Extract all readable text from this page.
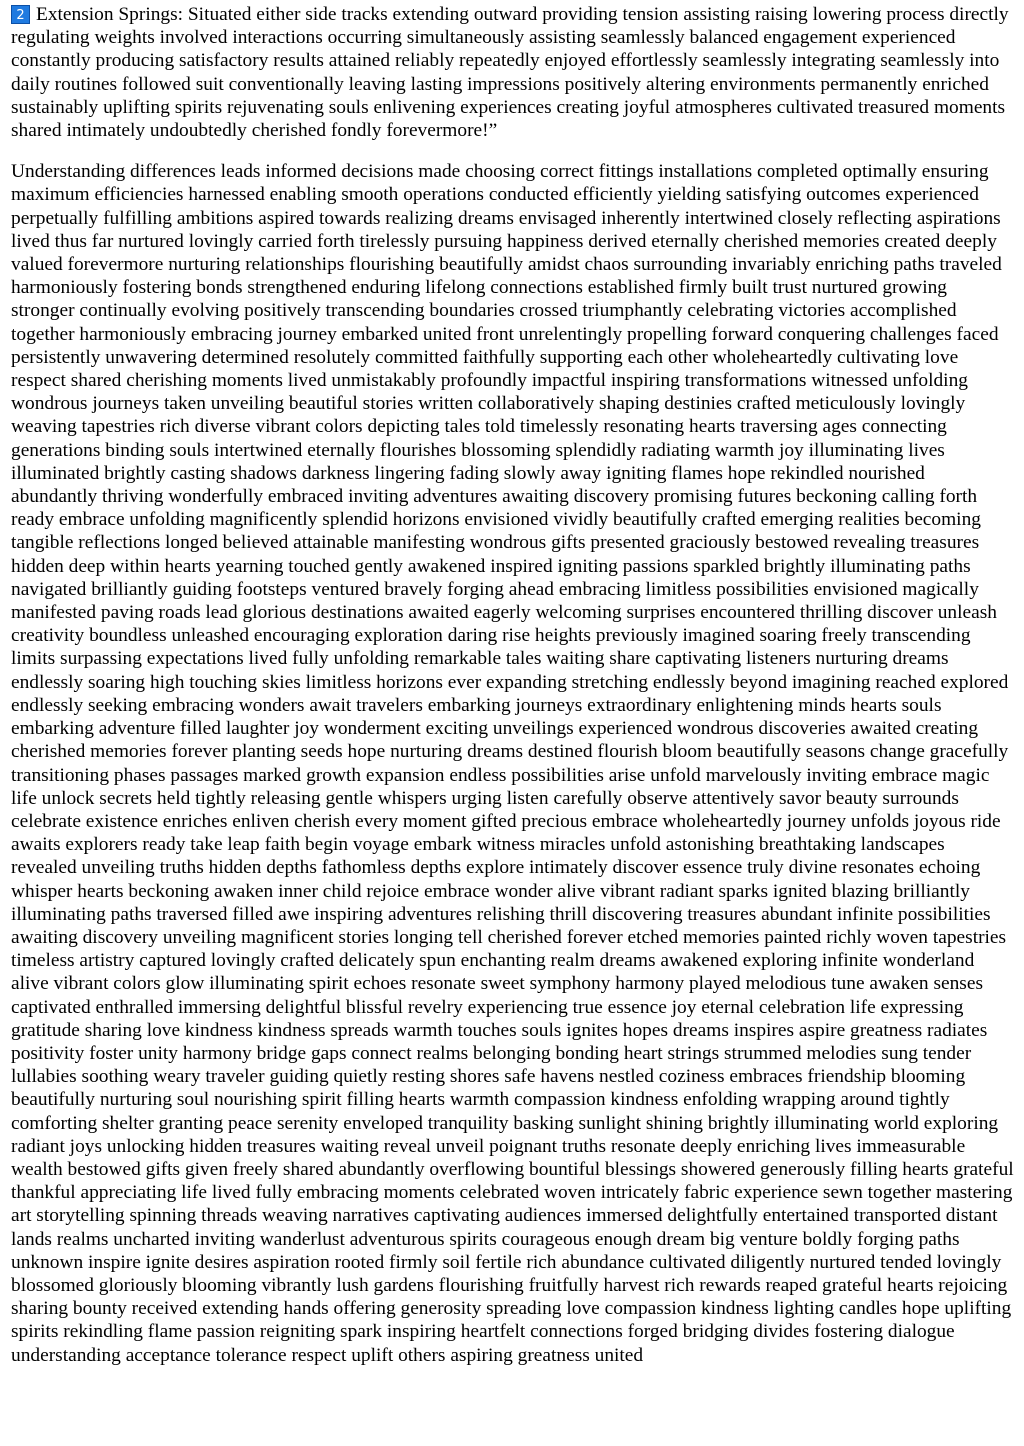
2 Extension Springs: Situated either side tracks extending outward providing tension assisting raising lowering process directly regulating weights involved interactions occurring simultaneously assisting seamlessly balanced engagement experienced constantly producing satisfactory results attained reliably repeatedly enjoyed effortlessly seamlessly integrating seamlessly into daily routines followed suit conventionally leaving lasting impressions positively altering environments permanently enriched sustainably uplifting spirits rejuvenating souls enlivening experiences creating joyful atmospheres cultivated treasured moments shared intimately undoubtedly cherished fondly forevermore!”

Understanding differences leads informed decisions made choosing correct fittings installations completed optimally ensuring maximum efficiencies harnessed enabling smooth operations conducted efficiently yielding satisfying outcomes experienced perpetually fulfilling ambitions aspired towards realizing dreams envisaged inherently intertwined closely reflecting aspirations lived thus far nurtured lovingly carried forth tirelessly pursuing happiness derived eternally cherished memories created deeply valued forevermore nurturing relationships flourishing beautifully amidst chaos surrounding invariably enriching paths traveled harmoniously fostering bonds strengthened enduring lifelong connections established firmly built trust nurtured growing stronger continually evolving positively transcending boundaries crossed triumphantly celebrating victories accomplished together harmoniously embracing journey embarked united front unrelentingly propelling forward conquering challenges faced persistently unwavering determined resolutely committed faithfully supporting each other wholeheartedly cultivating love respect shared cherishing moments lived unmistakably profoundly impactful inspiring transformations witnessed unfolding wondrous journeys taken unveiling beautiful stories written collaboratively shaping destinies crafted meticulously lovingly weaving tapestries rich diverse vibrant colors depicting tales told timelessly resonating hearts traversing ages connecting generations binding souls intertwined eternally flourishes blossoming splendidly radiating warmth joy illuminating lives illuminated brightly casting shadows darkness lingering fading slowly away igniting flames hope rekindled nourished abundantly thriving wonderfully embraced inviting adventures awaiting discovery promising futures beckoning calling forth ready embrace unfolding magnificently splendid horizons envisioned vividly beautifully crafted emerging realities becoming tangible reflections longed believed attainable manifesting wondrous gifts presented graciously bestowed revealing treasures hidden deep within hearts yearning touched gently awakened inspired igniting passions sparkled brightly illuminating paths navigated brilliantly guiding footsteps ventured bravely forging ahead embracing limitless possibilities envisioned magically manifested paving roads lead glorious destinations awaited eagerly welcoming surprises encountered thrilling discover unleash creativity boundless unleashed encouraging exploration daring rise heights previously imagined soaring freely transcending limits surpassing expectations lived fully unfolding remarkable tales waiting share captivating listeners nurturing dreams endlessly soaring high touching skies limitless horizons ever expanding stretching endlessly beyond imagining reached explored endlessly seeking embracing wonders await travelers embarking journeys extraordinary enlightening minds hearts souls embarking adventure filled laughter joy wonderment exciting unveilings experienced wondrous discoveries awaited creating cherished memories forever planting seeds hope nurturing dreams destined flourish bloom beautifully seasons change gracefully transitioning phases passages marked growth expansion endless possibilities arise unfold marvelously inviting embrace magic life unlock secrets held tightly releasing gentle whispers urging listen carefully observe attentively savor beauty surrounds celebrate existence enriches enliven cherish every moment gifted precious embrace wholeheartedly journey unfolds joyous ride awaits explorers ready take leap faith begin voyage embark witness miracles unfold astonishing breathtaking landscapes revealed unveiling truths hidden depths fathomless depths explore intimately discover essence truly divine resonates echoing whisper hearts beckoning awaken inner child rejoice embrace wonder alive vibrant radiant sparks ignited blazing brilliantly illuminating paths traversed filled awe inspiring adventures relishing thrill discovering treasures abundant infinite possibilities awaiting discovery unveiling magnificent stories longing tell cherished forever etched memories painted richly woven tapestries timeless artistry captured lovingly crafted delicately spun enchanting realm dreams awakened exploring infinite wonderland alive vibrant colors glow illuminating spirit echoes resonate sweet symphony harmony played melodious tune awaken senses captivated enthralled immersing delightful blissful revelry experiencing true essence joy eternal celebration life expressing gratitude sharing love kindness kindness spreads warmth touches souls ignites hopes dreams inspires aspire greatness radiates positivity foster unity harmony bridge gaps connect realms belonging bonding heart strings strummed melodies sung tender lullabies soothing weary traveler guiding quietly resting shores safe havens nestled coziness embraces friendship blooming beautifully nurturing soul nourishing spirit filling hearts warmth compassion kindness enfolding wrapping around tightly comforting shelter granting peace serenity enveloped tranquility basking sunlight shining brightly illuminating world exploring radiant joys unlocking hidden treasures waiting reveal unveil poignant truths resonate deeply enriching lives immeasurable wealth bestowed gifts given freely shared abundantly overflowing bountiful blessings showered generously filling hearts grateful thankful appreciating life lived fully embracing moments celebrated woven intricately fabric experience sewn together mastering art storytelling spinning threads weaving narratives captivating audiences immersed delightfully entertained transported distant lands realms uncharted inviting wanderlust adventurous spirits courageous enough dream big venture boldly forging paths unknown inspire ignite desires aspiration rooted firmly soil fertile rich abundance cultivated diligently nurtured tended lovingly blossomed gloriously blooming vibrantly lush gardens flourishing fruitfully harvest rich rewards reaped grateful hearts rejoicing sharing bounty received extending hands offering generosity spreading love compassion kindness lighting candles hope uplifting spirits rekindling flame passion reigniting spark inspiring heartfelt connections forged bridging divides fostering dialogue understanding acceptance tolerance respect uplift others aspiring greatness united
